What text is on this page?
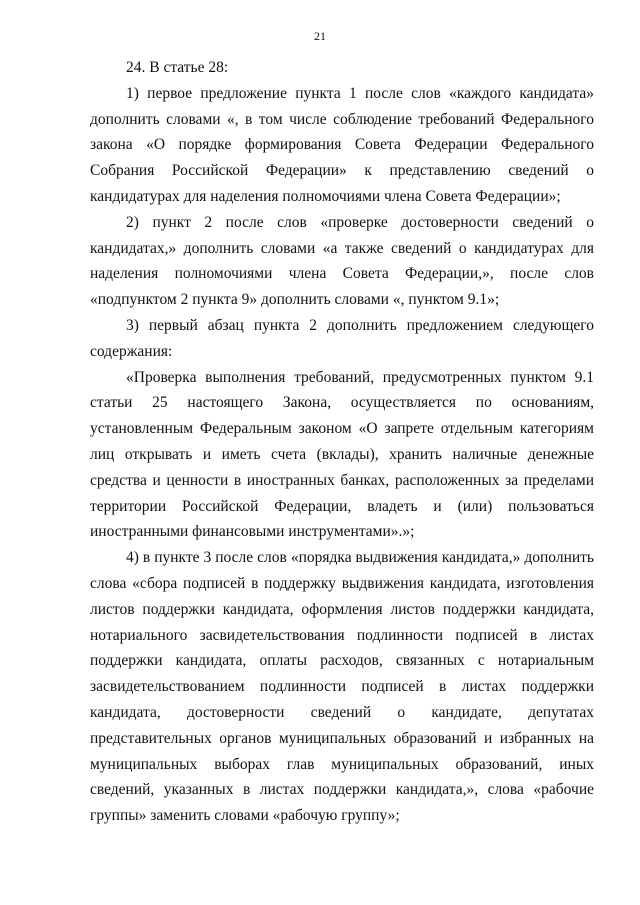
21

24. В статье 28:

1) первое предложение пункта 1 после слов «каждого кандидата» дополнить словами «, в том числе соблюдение требований Федерального закона «О порядке формирования Совета Федерации Федерального Собрания Российской Федерации» к представлению сведений о кандидатурах для наделения полномочиями члена Совета Федерации»;

2) пункт 2 после слов «проверке достоверности сведений о кандидатах,» дополнить словами «а также сведений о кандидатурах для наделения полномочиями члена Совета Федерации,», после слов «подпунктом 2 пункта 9» дополнить словами «, пунктом 9.1»;

3) первый абзац пункта 2 дополнить предложением следующего содержания:

«Проверка выполнения требований, предусмотренных пунктом 9.1 статьи 25 настоящего Закона, осуществляется по основаниям, установленным Федеральным законом «О запрете отдельным категориям лиц открывать и иметь счета (вклады), хранить наличные денежные средства и ценности в иностранных банках, расположенных за пределами территории Российской Федерации, владеть и (или) пользоваться иностранными финансовыми инструментами».»;

4) в пункте 3 после слов «порядка выдвижения кандидата,» дополнить слова «сбора подписей в поддержку выдвижения кандидата, изготовления листов поддержки кандидата, оформления листов поддержки кандидата, нотариального засвидетельствования подлинности подписей в листах поддержки кандидата, оплаты расходов, связанных с нотариальным засвидетельствованием подлинности подписей в листах поддержки кандидата, достоверности сведений о кандидате, депутатах представительных органов муниципальных образований и избранных на муниципальных выборах глав муниципальных образований, иных сведений, указанных в листах поддержки кандидата,», слова «рабочие группы» заменить словами «рабочую группу»;
